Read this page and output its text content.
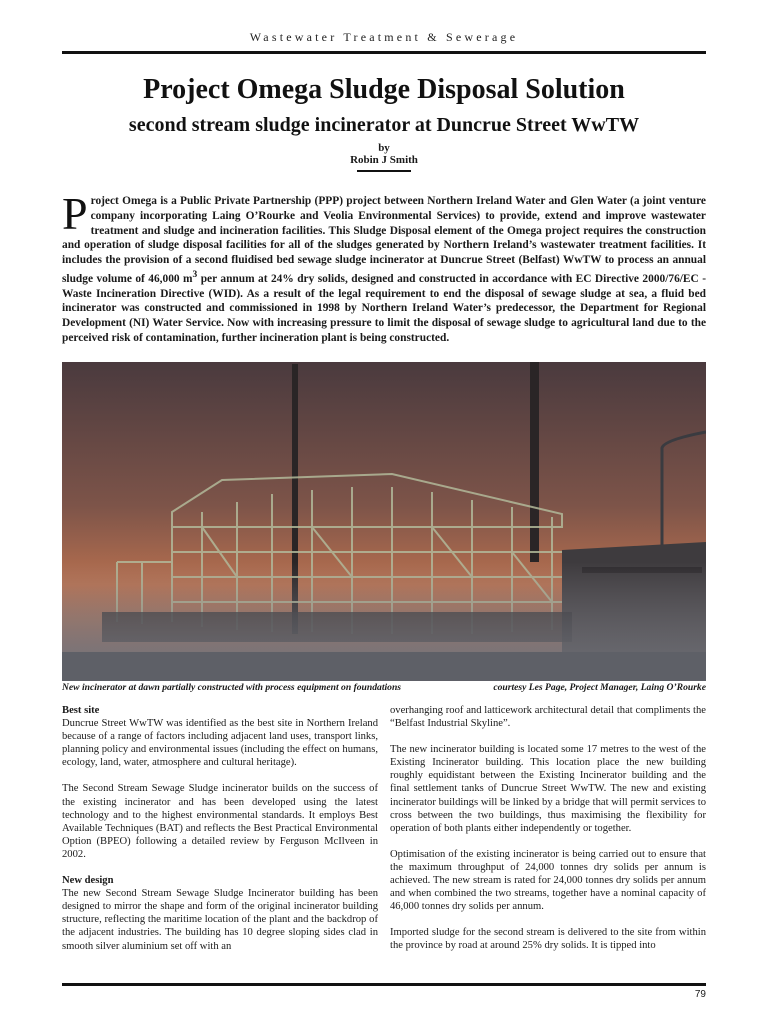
Wastewater Treatment & Sewerage
Project Omega Sludge Disposal Solution
second stream sludge incinerator at Duncrue Street WwTW
by
Robin J Smith

Project Omega is a Public Private Partnership (PPP) project between Northern Ireland Water and Glen Water (a joint venture company incorporating Laing O’Rourke and Veolia Environmental Services) to provide, extend and improve wastewater treatment and sludge and incineration facilities. This Sludge Disposal element of the Omega project requires the construction and operation of sludge disposal facilities for all of the sludges generated by Northern Ireland’s wastewater treatment facilities. It includes the provision of a second fluidised bed sewage sludge incinerator at Duncrue Street (Belfast) WwTW to process an annual sludge volume of 46,000 $m^3$ per annum at 24% dry solids, designed and constructed in accordance with EC Directive 2000/76/EC - Waste Incineration Directive (WID). As a result of the legal requirement to end the disposal of sewage sludge at sea, a fluid bed incinerator was constructed and commissioned in 1998 by Northern Ireland Water’s predecessor, the Department for Regional Development (NI) Water Service. Now with increasing pressure to limit the disposal of sewage sludge to agricultural land due to the perceived risk of contamination, further incineration plant is being constructed.

New incinerator at dawn partially constructed with process equipment on foundations	courtesy Les Page, Project Manager, Laing O’Rourke
Best site

Duncrue Street WwTW was identified as the best site in Northern Ireland because of a range of factors including adjacent land uses, transport links, planning policy and environmental issues (including the effect on humans, ecology, land, water, atmosphere and cultural heritage).

The Second Stream Sewage Sludge incinerator builds on the success of the existing incinerator and has been developed using the latest technology and to the highest environmental standards. It employs Best Available Techniques (BAT) and reflects the Best Practical Environmental Option (BPEO) following a detailed review by Ferguson McIlveen in 2002.

New design

The new Second Stream Sewage Sludge Incinerator building has been designed to mirror the shape and form of the original incinerator building structure, reflecting the maritime location of the plant and the backdrop of the adjacent industries. The building has 10 degree sloping sides clad in smooth silver aluminium set off with an

overhanging roof and latticework architectural detail that compliments the “Belfast Industrial Skyline”.

The new incinerator building is located some 17 metres to the west of the Existing Incinerator building. This location place the new building roughly equidistant between the Existing Incinerator building and the final settlement tanks of Duncrue Street WwTW. The new and existing incinerator buildings will be linked by a bridge that will permit services to cross between the two buildings, thus maximising the flexibility for operation of both plants either independently or together.

Optimisation of the existing incinerator is being carried out to ensure that the maximum throughput of 24,000 tonnes dry solids per annum is achieved. The new stream is rated for 24,000 tonnes dry solids per annum and when combined the two streams, together have a nominal capacity of 46,000 tonnes dry solids per annum.

Imported sludge for the second stream is delivered to the site from within the province by road at around 25% dry solids. It is tipped into

79
